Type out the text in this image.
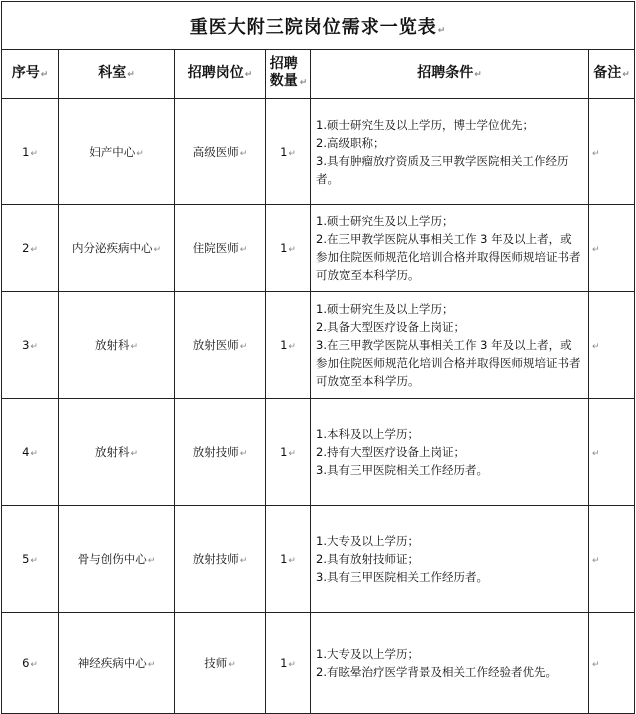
重医大附三院岗位需求一览表↵					
序号↵	科室↵	招聘岗位↵	招聘数量 ↵	招聘条件↵	备注↵
1↵	妇产中心↵	高级医师↵	1↵	1.硕士研究生及以上学历，博士学位优先；
2.高级职称；
3.具有肿瘤放疗资质及三甲教学医院相关工作经历者。	↵
2↵	内分泌疾病中心↵	住院医师↵	1↵	1.硕士研究生及以上学历；
2.在三甲教学医院从事相关工作 3 年及以上者，或参加住院医师规范化培训合格并取得医师规培证书者可放宽至本科学历。	↵
3↵	放射科↵	放射医师↵	1↵	1.硕士研究生及以上学历；
2.具备大型医疗设备上岗证；
3.在三甲教学医院从事相关工作 3 年及以上者，或参加住院医师规范化培训合格并取得医师规培证书者可放宽至本科学历。	↵
4↵	放射科↵	放射技师↵	1↵	1.本科及以上学历；
2.持有大型医疗设备上岗证；
3.具有三甲医院相关工作经历者。	↵
5↵	骨与创伤中心↵	放射技师↵	1↵	1.大专及以上学历；
2.具有放射技师证；
3.具有三甲医院相关工作经历者。	↵
6↵	神经疾病中心↵	技师↵	1↵	1.大专及以上学历；
2.有眩晕治疗医学背景及相关工作经验者优先。	↵
